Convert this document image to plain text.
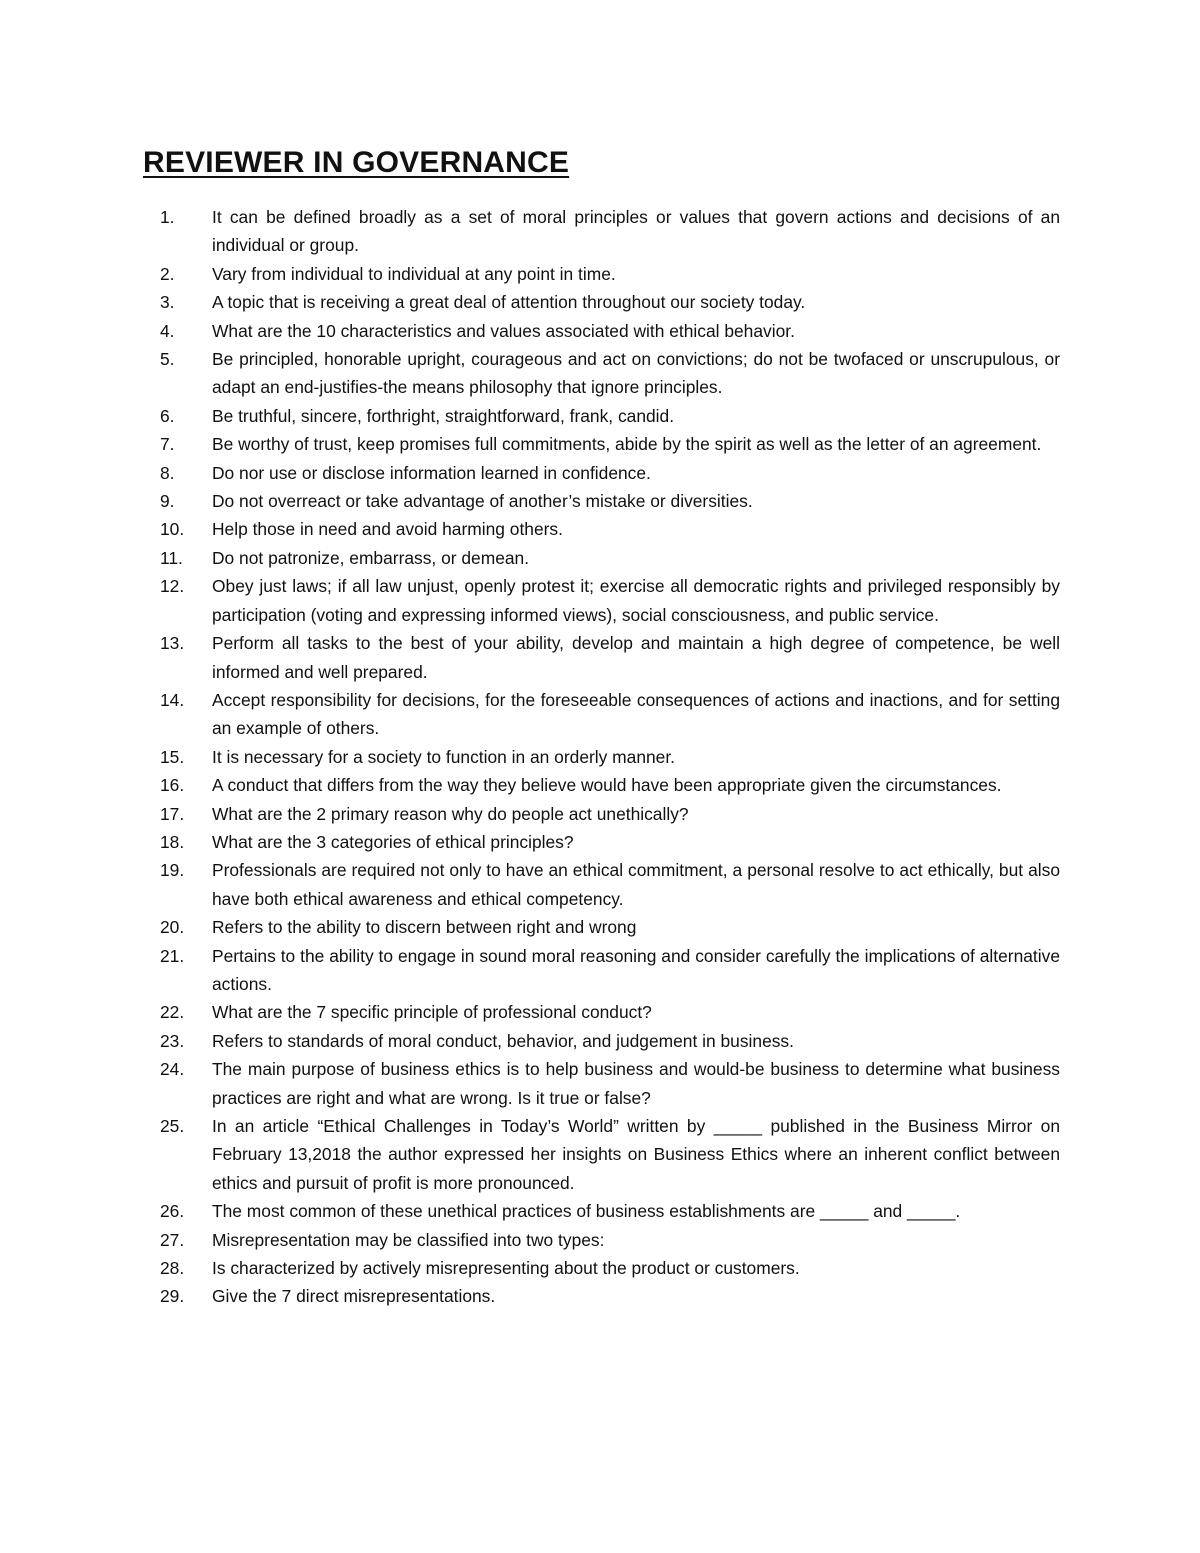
REVIEWER IN GOVERNANCE
1.	It can be defined broadly as a set of moral principles or values that govern actions and decisions of an individual or group.
2.	Vary from individual to individual at any point in time.
3.	A topic that is receiving a great deal of attention throughout our society today.
4.	What are the 10 characteristics and values associated with ethical behavior.
5.	Be principled, honorable upright, courageous and act on convictions; do not be twofaced or unscrupulous, or adapt an end-justifies-the means philosophy that ignore principles.
6.	Be truthful, sincere, forthright, straightforward, frank, candid.
7.	Be worthy of trust, keep promises full commitments, abide by the spirit as well as the letter of an agreement.
8.	Do nor use or disclose information learned in confidence.
9.	Do not overreact or take advantage of another’s mistake or diversities.
10.	Help those in need and avoid harming others.
11.	Do not patronize, embarrass, or demean.
12.	Obey just laws; if all law unjust, openly protest it; exercise all democratic rights and privileged responsibly by participation (voting and expressing informed views), social consciousness, and public service.
13.	Perform all tasks to the best of your ability, develop and maintain a high degree of competence, be well informed and well prepared.
14.	Accept responsibility for decisions, for the foreseeable consequences of actions and inactions, and for setting an example of others.
15.	It is necessary for a society to function in an orderly manner.
16.	A conduct that differs from the way they believe would have been appropriate given the circumstances.
17.	What are the 2 primary reason why do people act unethically?
18.	What are the 3 categories of ethical principles?
19.	Professionals are required not only to have an ethical commitment, a personal resolve to act ethically, but also have both ethical awareness and ethical competency.
20.	Refers to the ability to discern between right and wrong
21.	Pertains to the ability to engage in sound moral reasoning and consider carefully the implications of alternative actions.
22.	What are the 7 specific principle of professional conduct?
23.	Refers to standards of moral conduct, behavior, and judgement in business.
24.	The main purpose of business ethics is to help business and would-be business to determine what business practices are right and what are wrong. Is it true or false?
25.	In an article “Ethical Challenges in Today’s World” written by _____ published in the Business Mirror on February 13,2018 the author expressed her insights on Business Ethics where an inherent conflict between ethics and pursuit of profit is more pronounced.
26.	The most common of these unethical practices of business establishments are _____ and _____.
27.	Misrepresentation may be classified into two types:
28.	Is characterized by actively misrepresenting about the product or customers.
29.	Give the 7 direct misrepresentations.
